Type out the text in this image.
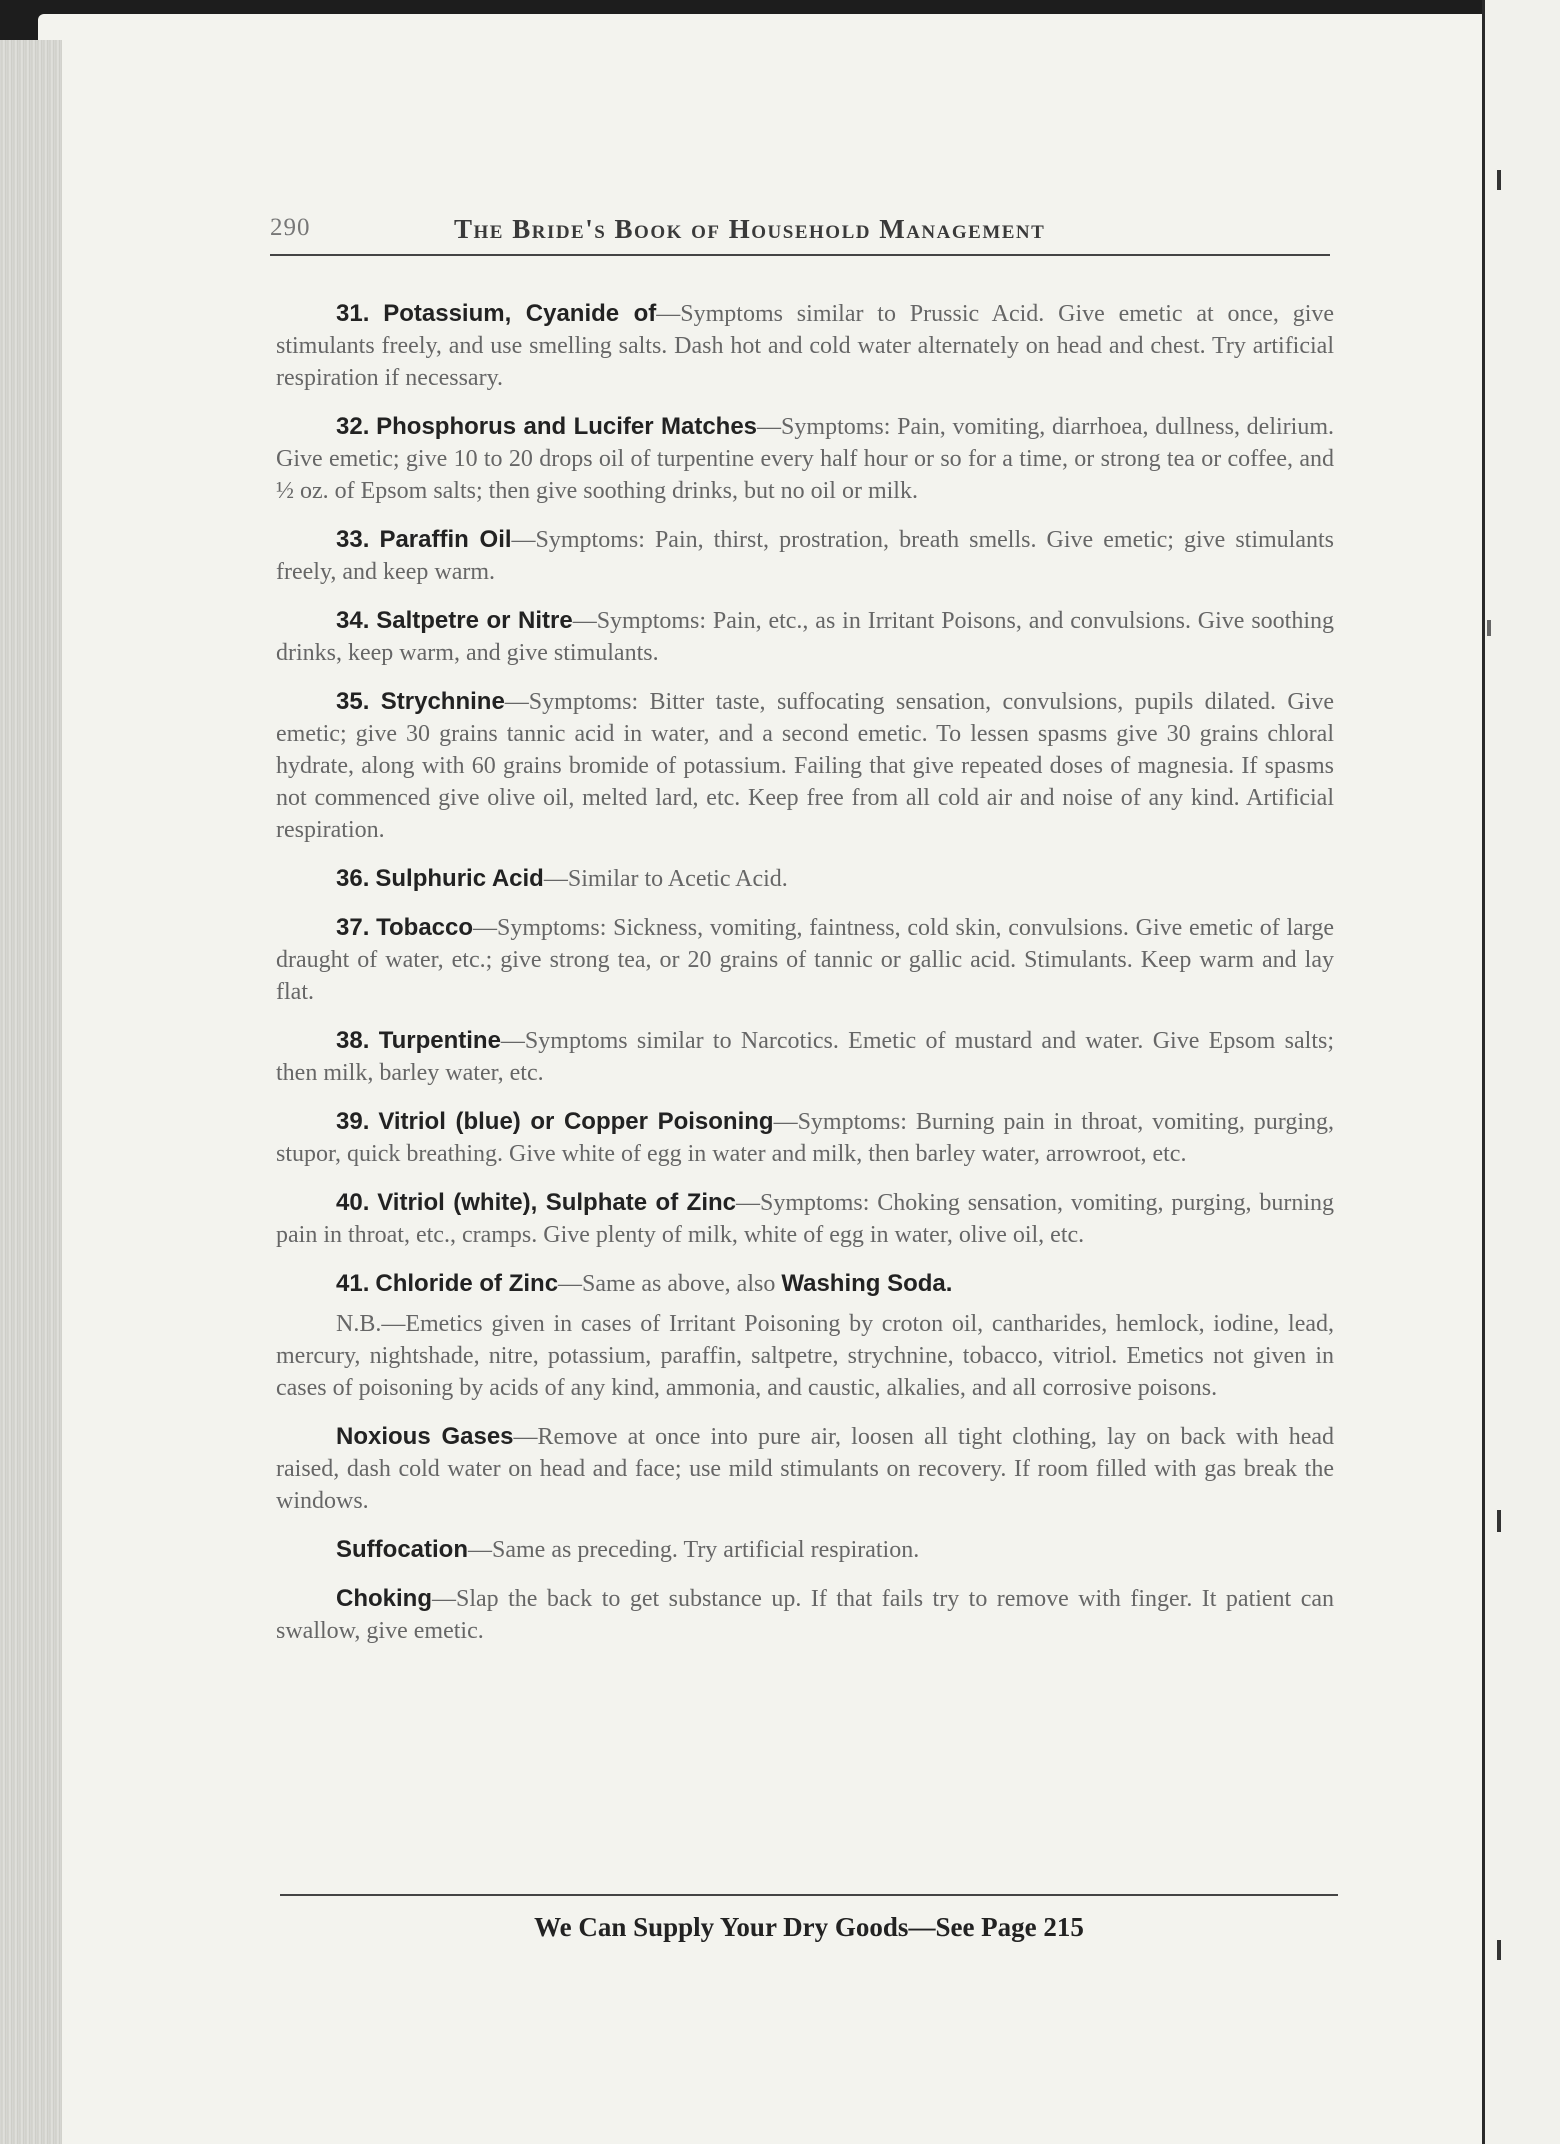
290	The Bride's Book of Household Management

31. Potassium, Cyanide of—Symptoms similar to Prussic Acid. Give emetic at once, give stimulants freely, and use smelling salts. Dash hot and cold water alternately on head and chest. Try artificial respiration if necessary.

32. Phosphorus and Lucifer Matches—Symptoms: Pain, vomiting, diarrhoea, dullness, delirium. Give emetic; give 10 to 20 drops oil of turpentine every half hour or so for a time, or strong tea or coffee, and ½ oz. of Epsom salts; then give soothing drinks, but no oil or milk.

33. Paraffin Oil—Symptoms: Pain, thirst, prostration, breath smells. Give emetic; give stimulants freely, and keep warm.

34. Saltpetre or Nitre—Symptoms: Pain, etc., as in Irritant Poisons, and convulsions. Give soothing drinks, keep warm, and give stimulants.

35. Strychnine—Symptoms: Bitter taste, suffocating sensation, convulsions, pupils dilated. Give emetic; give 30 grains tannic acid in water, and a second emetic. To lessen spasms give 30 grains chloral hydrate, along with 60 grains bromide of potassium. Failing that give repeated doses of magnesia. If spasms not commenced give olive oil, melted lard, etc. Keep free from all cold air and noise of any kind. Artificial respiration.

36. Sulphuric Acid—Similar to Acetic Acid.

37. Tobacco—Symptoms: Sickness, vomiting, faintness, cold skin, convulsions. Give emetic of large draught of water, etc.; give strong tea, or 20 grains of tannic or gallic acid. Stimulants. Keep warm and lay flat.

38. Turpentine—Symptoms similar to Narcotics. Emetic of mustard and water. Give Epsom salts; then milk, barley water, etc.

39. Vitriol (blue) or Copper Poisoning—Symptoms: Burning pain in throat, vomiting, purging, stupor, quick breathing. Give white of egg in water and milk, then barley water, arrowroot, etc.

40. Vitriol (white), Sulphate of Zinc—Symptoms: Choking sensation, vomiting, purging, burning pain in throat, etc., cramps. Give plenty of milk, white of egg in water, olive oil, etc.

41. Chloride of Zinc—Same as above, also Washing Soda.

N.B.—Emetics given in cases of Irritant Poisoning by croton oil, cantharides, hemlock, iodine, lead, mercury, nightshade, nitre, potassium, paraffin, saltpetre, strychnine, tobacco, vitriol. Emetics not given in cases of poisoning by acids of any kind, ammonia, and caustic, alkalies, and all corrosive poisons.

Noxious Gases—Remove at once into pure air, loosen all tight clothing, lay on back with head raised, dash cold water on head and face; use mild stimulants on recovery. If room filled with gas break the windows.

Suffocation—Same as preceding. Try artificial respiration.

Choking—Slap the back to get substance up. If that fails try to remove with finger. It patient can swallow, give emetic.

We Can Supply Your Dry Goods—See Page 215
